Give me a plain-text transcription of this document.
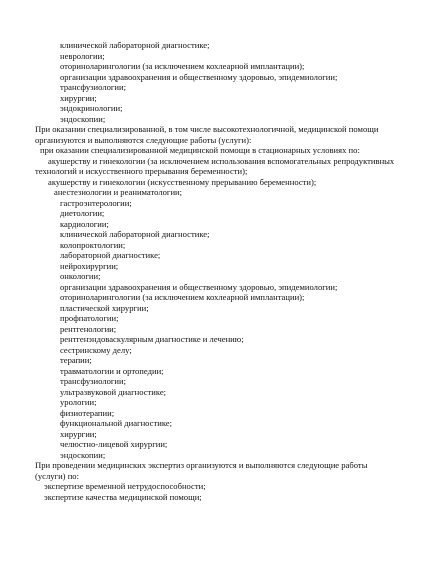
клинической лабораторной диагностике;
неврологии;
оториноларингологии (за исключением кохлеарной имплантации);
организации здравоохранения и общественному здоровью, эпидемиологии;
трансфузиологии;
хирургии;
эндокринологии;
эндоскопии;
При оказании специализированной, в том числе высокотехнологичной, медицинской помощи
организуются и выполняются следующие работы (услуги):
при оказании специализированной медицинской помощи в стационарных условиях по:
акушерству и гинекологии (за исключением использования вспомогательных репродуктивных
технологий и искусственного прерывания беременности);
акушерству и гинекологии (искусственному прерыванию беременности);
анестезиологии и реаниматологии;
гастроэнтерологии;
диетологии;
кардиологии;
клинической лабораторной диагностике;
колопроктологии;
лабораторной диагностике;
нейрохирургии;
онкологии;
организации здравоохранения и общественному здоровью, эпидемиологии;
оториноларингологии (за исключением кохлеарной имплантации);
пластической хирургии;
профпатологии;
рентгенологии;
рентгенэндоваскулярным диагностике и лечению;
сестринскому делу;
терапии;
травматологии и ортопедии;
трансфузиологии;
ультразвуковой диагностике;
урологии;
физиотерапии;
функциональной диагностике;
хирургии;
челюстно-лицевой хирургии;
эндоскопии;
При проведении медицинских экспертиз организуются и выполняются следующие работы
(услуги) по:
экспертизе временной нетрудоспособности;
экспертизе качества медицинской помощи;
